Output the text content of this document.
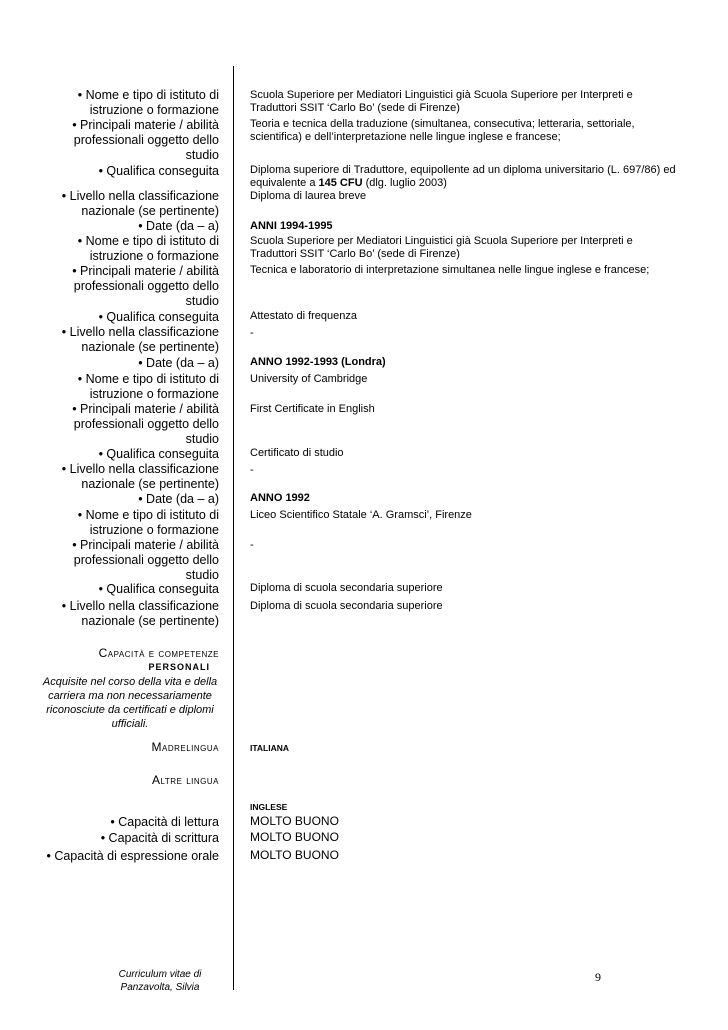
• Nome e tipo di istituto di istruzione o formazione
Scuola Superiore per Mediatori Linguistici già Scuola Superiore per Interpreti e Traduttori SSIT ‘Carlo Bo’ (sede di Firenze)
• Principali materie / abilità professionali oggetto dello studio
Teoria e tecnica della traduzione (simultanea, consecutiva; letteraria, settoriale, scientifica) e dell’interpretazione nelle lingue inglese e francese;
• Qualifica conseguita	Diploma superiore di Traduttore, equipollente ad un diploma universitario (L. 697/86) ed equivalente a 145 CFU (dlg. luglio 2003)
• Livello nella classificazione nazionale (se pertinente)
Diploma di laurea breve
• Date (da – a)	ANNI 1994-1995
• Nome e tipo di istituto di istruzione o formazione
Scuola Superiore per Mediatori Linguistici già Scuola Superiore per Interpreti e Traduttori SSIT ‘Carlo Bo’ (sede di Firenze)
• Principali materie / abilità professionali oggetto dello studio
Tecnica e laboratorio di interpretazione simultanea nelle lingue inglese e francese;
• Qualifica conseguita	Attestato di frequenza
• Livello nella classificazione nazionale (se pertinente)
-
• Date (da – a)	ANNO 1992-1993 (Londra)
• Nome e tipo di istituto di istruzione o formazione
University of Cambridge
• Principali materie / abilità professionali oggetto dello studio
First Certificate in English
• Qualifica conseguita	Certificato di studio
• Livello nella classificazione nazionale (se pertinente)
-
• Date (da – a)	ANNO 1992
• Nome e tipo di istituto di istruzione o formazione
Liceo Scientifico Statale ‘A. Gramsci’, Firenze
• Principali materie / abilità professionali oggetto dello studio
-
• Qualifica conseguita	Diploma di scuola secondaria superiore
• Livello nella classificazione nazionale (se pertinente)
Diploma di scuola secondaria superiore
Capacità e competenze
PERSONALI
Acquisite nel corso della vita e della carriera ma non necessariamente riconosciute da certificati e diplomi ufficiali.
Madrelingua	ITALIANA
Altre lingua
INGLESE
• Capacità di lettura	MOLTO BUONO
• Capacità di scrittura	MOLTO BUONO
• Capacità di espressione orale	MOLTO BUONO
Curriculum vitae di
Panzavolta, Silvia
9
